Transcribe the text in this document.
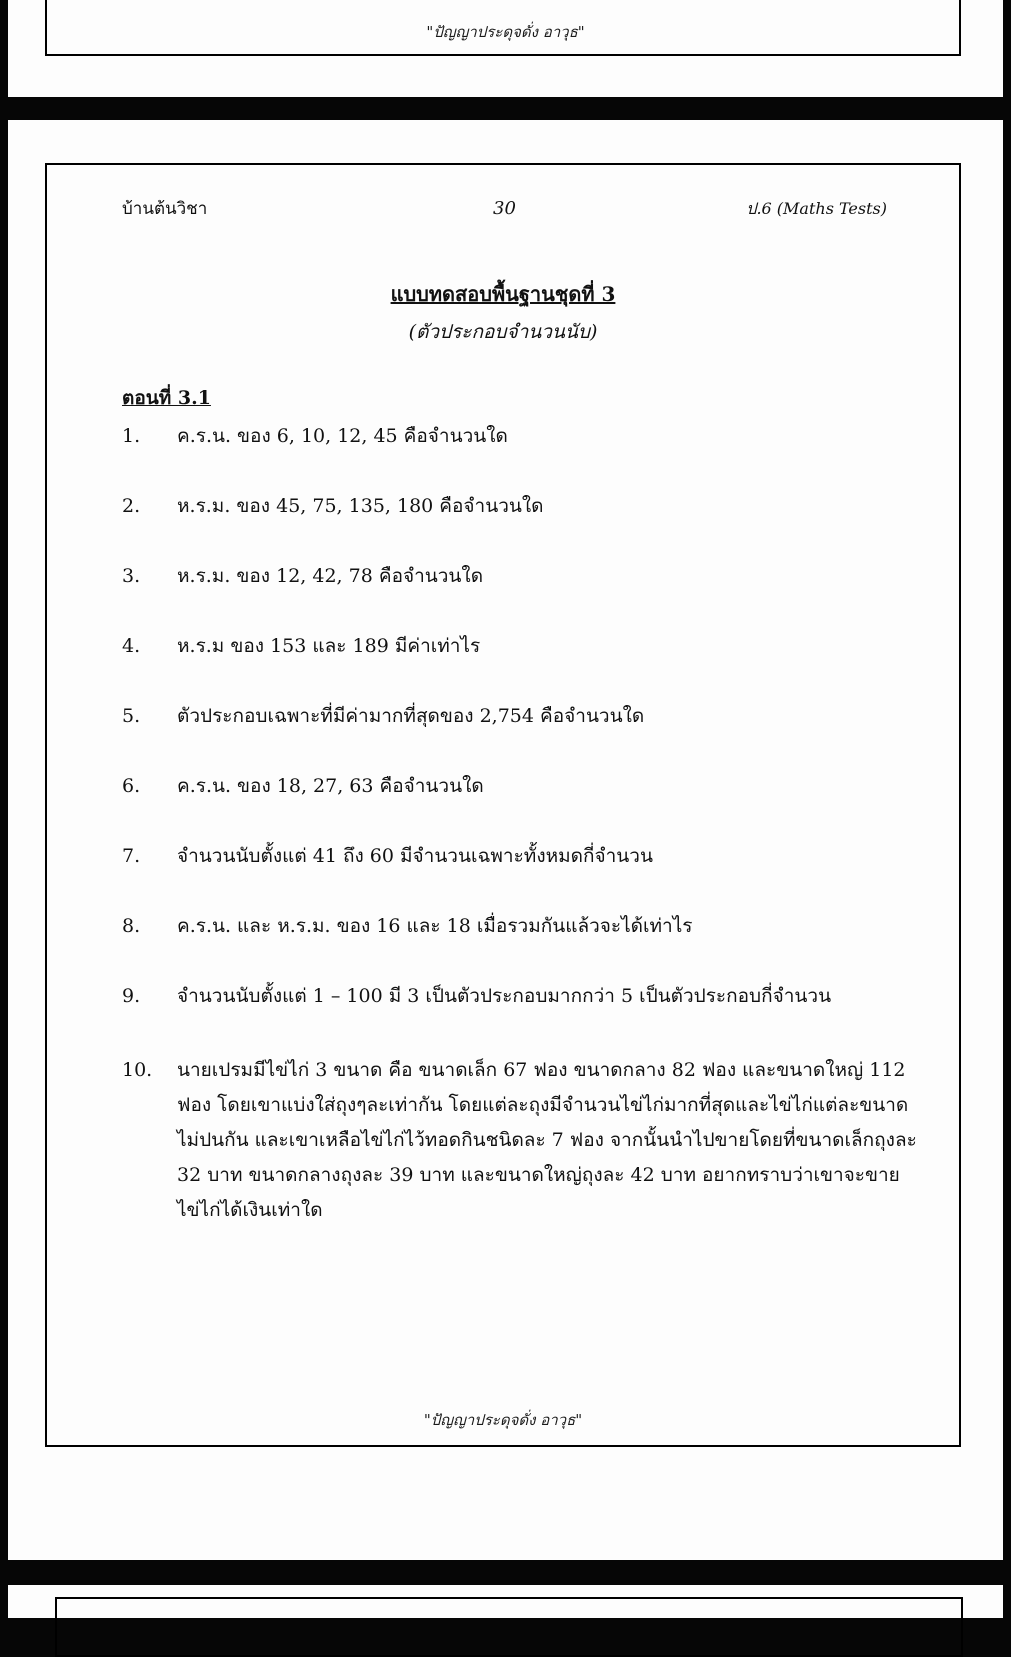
"ปัญญาประดุจดั่ง อาวุธ"
บ้านต้นวิชา	30	ป.6 (Maths Tests)
แบบทดสอบพื้นฐานชุดที่ 3
(ตัวประกอบจำนวนนับ)
ตอนที่ 3.1
1.	ค.ร.น. ของ 6, 10, 12, 45 คือจำนวนใด
2.	ห.ร.ม. ของ 45, 75, 135, 180 คือจำนวนใด
3.	ห.ร.ม. ของ 12, 42, 78 คือจำนวนใด
4.	ห.ร.ม ของ 153 และ 189 มีค่าเท่าไร
5.	ตัวประกอบเฉพาะที่มีค่ามากที่สุดของ 2,754 คือจำนวนใด
6.	ค.ร.น. ของ 18, 27, 63 คือจำนวนใด
7.	จำนวนนับตั้งแต่ 41 ถึง 60 มีจำนวนเฉพาะทั้งหมดกี่จำนวน
8.	ค.ร.น. และ ห.ร.ม. ของ 16 และ 18 เมื่อรวมกันแล้วจะได้เท่าไร
9.	จำนวนนับตั้งแต่ 1 – 100 มี 3 เป็นตัวประกอบมากกว่า 5 เป็นตัวประกอบกี่จำนวน
10.	นายเปรมมีไข่ไก่ 3 ขนาด คือ ขนาดเล็ก 67 ฟอง ขนาดกลาง 82 ฟอง และขนาดใหญ่ 112 ฟอง โดยเขาแบ่งใส่ถุงๆละเท่ากัน โดยแต่ละถุงมีจำนวนไข่ไก่มากที่สุดและไข่ไก่แต่ละขนาดไม่ปนกัน และเขาเหลือไข่ไก่ไว้ทอดกินชนิดละ 7 ฟอง จากนั้นนำไปขายโดยที่ขนาดเล็กถุงละ 32 บาท ขนาดกลางถุงละ 39 บาท และขนาดใหญ่ถุงละ 42 บาท อยากทราบว่าเขาจะขายไข่ไก่ได้เงินเท่าใด
"ปัญญาประดุจดั่ง อาวุธ"
